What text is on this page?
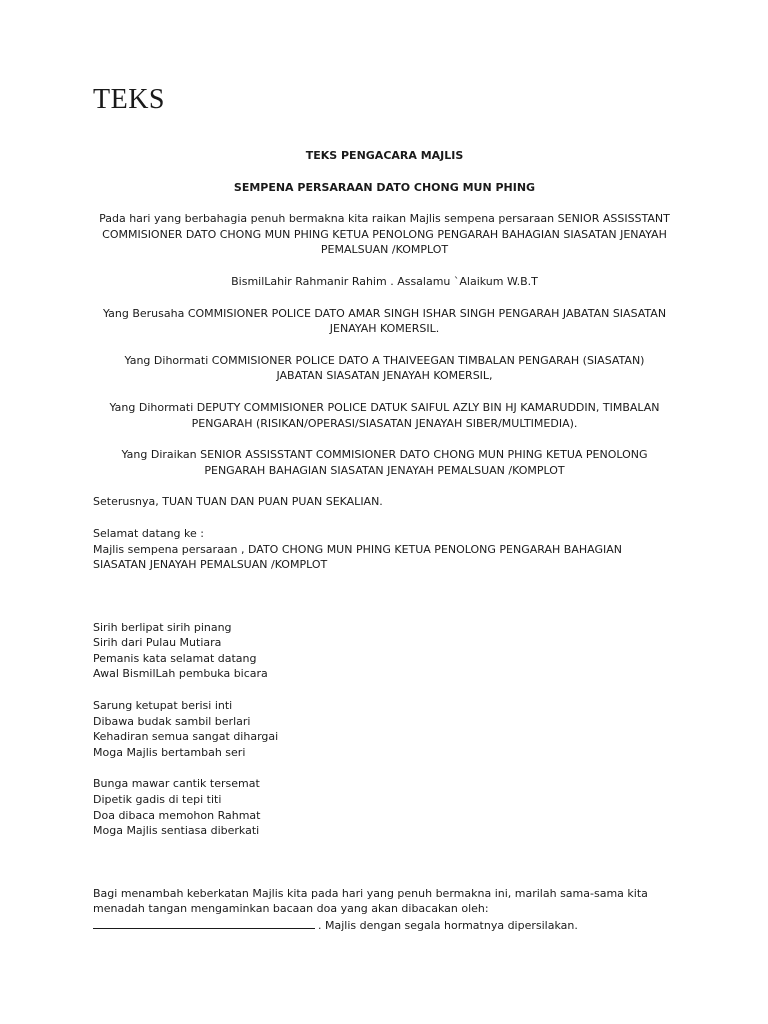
TEKS

TEKS PENGACARA MAJLIS

SEMPENA PERSARAAN DATO CHONG MUN PHING

Pada hari yang berbahagia penuh bermakna kita raikan Majlis sempena persaraan SENIOR ASSISSTANT
COMMISIONER DATO CHONG MUN PHING KETUA PENOLONG PENGARAH BAHAGIAN SIASATAN JENAYAH
PEMALSUAN /KOMPLOT

BismilLahir Rahmanir Rahim . Assalamu `Alaikum W.B.T

Yang Berusaha COMMISIONER POLICE DATO AMAR SINGH ISHAR SINGH PENGARAH JABATAN SIASATAN
JENAYAH KOMERSIL.

Yang Dihormati COMMISIONER POLICE DATO A THAIVEEGAN TIMBALAN PENGARAH (SIASATAN)
JABATAN SIASATAN JENAYAH KOMERSIL,

Yang Dihormati DEPUTY COMMISIONER POLICE DATUK SAIFUL AZLY BIN HJ KAMARUDDIN, TIMBALAN
PENGARAH (RISIKAN/OPERASI/SIASATAN JENAYAH SIBER/MULTIMEDIA).

Yang Diraikan SENIOR ASSISSTANT COMMISIONER DATO CHONG MUN PHING KETUA PENOLONG
PENGARAH BAHAGIAN SIASATAN JENAYAH PEMALSUAN /KOMPLOT

Seterusnya, TUAN TUAN DAN PUAN PUAN SEKALIAN.

Selamat datang ke :
Majlis sempena persaraan , DATO CHONG MUN PHING KETUA PENOLONG PENGARAH BAHAGIAN
SIASATAN JENAYAH PEMALSUAN /KOMPLOT

Sirih berlipat sirih pinang
Sirih dari Pulau Mutiara
Pemanis kata selamat datang
Awal BismilLah pembuka bicara

Sarung ketupat berisi inti
Dibawa budak sambil berlari
Kehadiran semua sangat dihargai
Moga Majlis bertambah seri

Bunga mawar cantik tersemat
Dipetik gadis di tepi titi
Doa dibaca memohon Rahmat
Moga Majlis sentiasa diberkati

Bagi menambah keberkatan Majlis kita pada hari yang penuh bermakna ini, marilah sama-sama kita
menadah tangan mengaminkan bacaan doa yang akan dibacakan oleh:
. Majlis dengan segala hormatnya dipersilakan.
